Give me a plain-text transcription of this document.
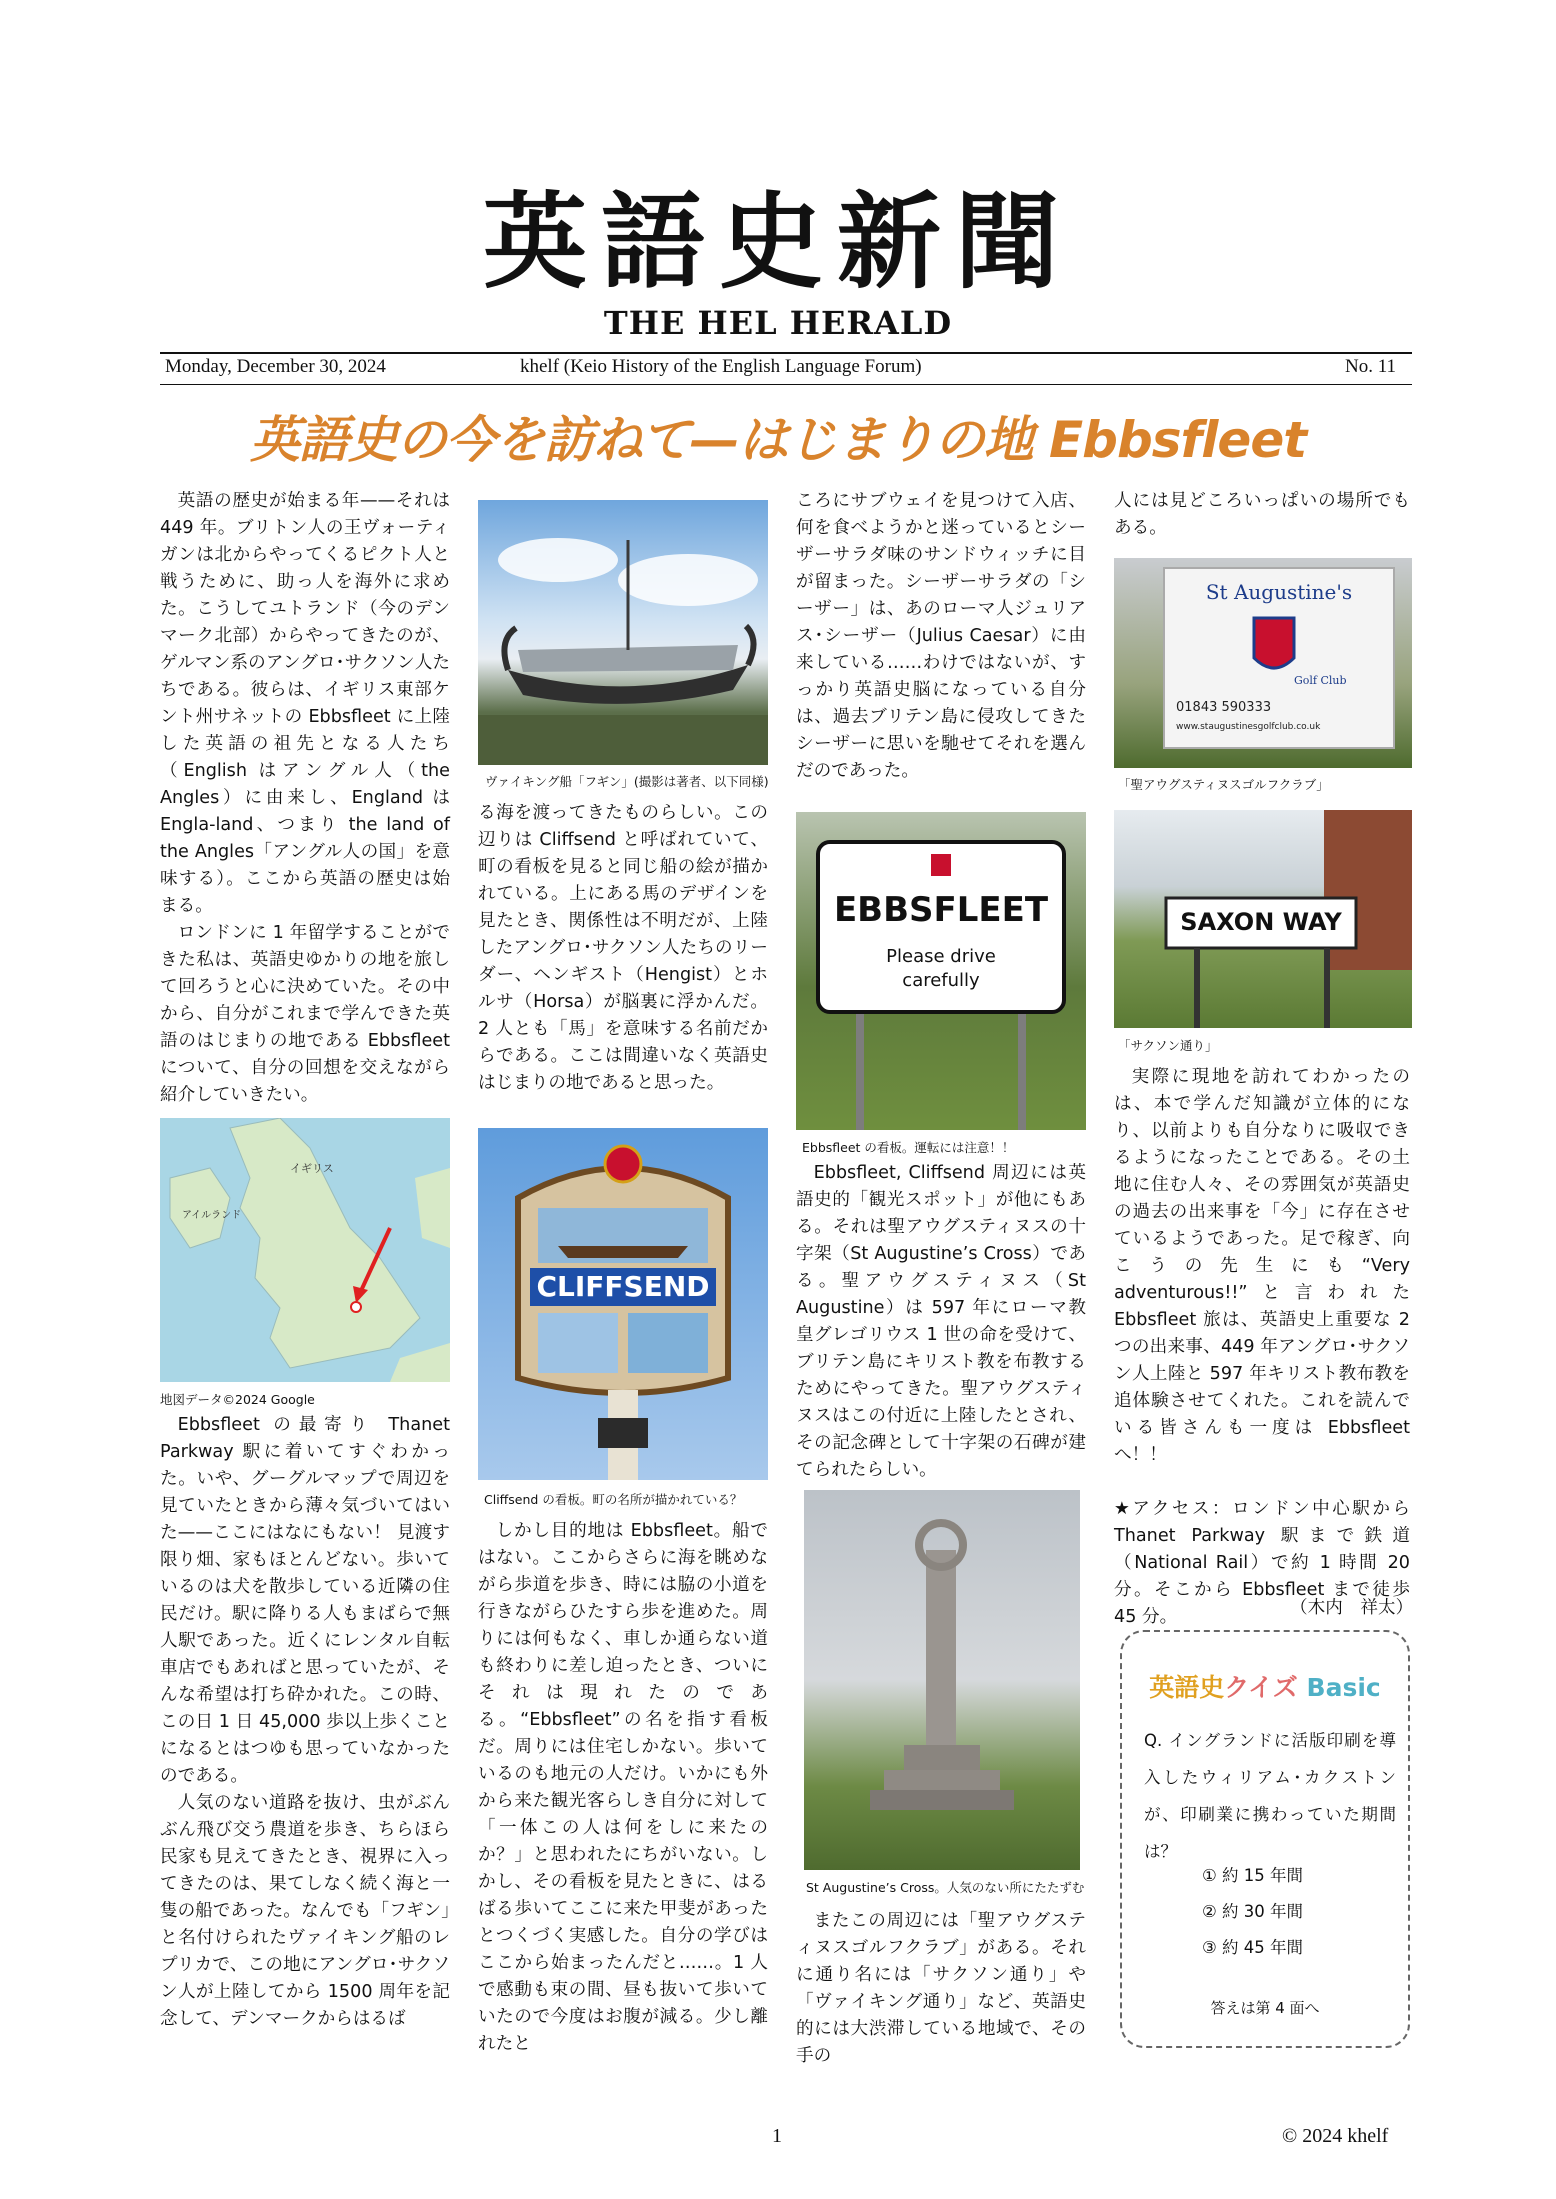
英語史新聞
THE HEL HERALD
Monday, December 30, 2024	khelf (Keio History of the English Language Forum)	No. 11
英語史の今を訪ねて—はじまりの地 Ebbsfleet

英語の歴史が始まる年——それは 449 年。ブリトン人の王ヴォーティガンは北からやってくるピクト人と戦うために、助っ人を海外に求めた。こうしてユトランド（今のデンマーク北部）からやってきたのが、ゲルマン系のアングロ･サクソン人たちである。彼らは、イギリス東部ケント州サネットの Ebbsfleet に上陸した英語の祖先となる人たち（English はアングル人（the Angles）に由来し、England は Engla-land、つまり the land of the Angles「アングル人の国」を意味する）。ここから英語の歴史は始まる。

ロンドンに 1 年留学することができた私は、英語史ゆかりの地を旅して回ろうと心に決めていた。その中から、自分がこれまで学んできた英語のはじまりの地である Ebbsfleet について、自分の回想を交えながら紹介していきたい。

アイルランド
イギリス
地図データ©2024 Google

Ebbsfleet の最寄り Thanet Parkway 駅に着いてすぐわかった。いや、グーグルマップで周辺を見ていたときから薄々気づいてはいた——ここにはなにもない！ 見渡す限り畑、家もほとんどない。歩いているのは犬を散歩している近隣の住民だけ。駅に降りる人もまばらで無人駅であった。近くにレンタル自転車店でもあればと思っていたが、そんな希望は打ち砕かれた。この時、この日 1 日 45,000 歩以上歩くことになるとはつゆも思っていなかったのである。

人気のない道路を抜け、虫がぶんぶん飛び交う農道を歩き、ちらほら民家も見えてきたとき、視界に入ってきたのは、果てしなく続く海と一隻の船であった。なんでも「フギン」と名付けられたヴァイキング船のレプリカで、この地にアングロ･サクソン人が上陸してから 1500 周年を記念して、デンマークからはるば

ヴァイキング船「フギン」(撮影は著者、以下同様)

る海を渡ってきたものらしい。この辺りは Cliffsend と呼ばれていて、町の看板を見ると同じ船の絵が描かれている。上にある馬のデザインを見たとき、関係性は不明だが、上陸したアングロ･サクソン人たちのリーダー、ヘンギスト（Hengist）とホルサ（Horsa）が脳裏に浮かんだ。2 人とも「馬」を意味する名前だからである。ここは間違いなく英語史はじまりの地であると思った。

CLIFFSEND
Cliffsend の看板。町の名所が描かれている？

しかし目的地は Ebbsfleet。船ではない。ここからさらに海を眺めながら歩道を歩き、時には脇の小道を行きながらひたすら歩を進めた。周りには何もなく、車しか通らない道も終わりに差し迫ったとき、ついにそれは現れたのである。“Ebbsfleet”の名を指す看板だ。周りには住宅しかない。歩いているのも地元の人だけ。いかにも外から来た観光客らしき自分に対して「一体この人は何をしに来たのか？」と思われたにちがいない。しかし、その看板を見たときに、はるばる歩いてここに来た甲斐があったとつくづく実感した。自分の学びはここから始まったんだと……。1 人で感動も束の間、昼も抜いて歩いていたので今度はお腹が減る。少し離れたと

ころにサブウェイを見つけて入店、何を食べようかと迷っているとシーザーサラダ味のサンドウィッチに目が留まった。シーザーサラダの「シーザー」は、あのローマ人ジュリアス･シーザー（Julius Caesar）に由来している……わけではないが、すっかり英語史脳になっている自分は、過去ブリテン島に侵攻してきたシーザーに思いを馳せてそれを選んだのであった。

EBBSFLEET
Please drive
carefully
Ebbsfleet の看板。運転には注意！！

Ebbsfleet, Cliffsend 周辺には英語史的「観光スポット」が他にもある。それは聖アウグスティヌスの十字架（St Augustine’s Cross）である。聖アウグスティヌス（St Augustine）は 597 年にローマ教皇グレゴリウス 1 世の命を受けて、ブリテン島にキリスト教を布教するためにやってきた。聖アウグスティヌスはこの付近に上陸したとされ、その記念碑として十字架の石碑が建てられたらしい。

St Augustine’s Cross。人気のない所にたたずむ

またこの周辺には「聖アウグスティヌスゴルフクラブ」がある。それに通り名には「サクソン通り」や「ヴァイキング通り」など、英語史的には大渋滞している地域で、その手の

人には見どころいっぱいの場所でもある。

St Augustine's
Golf Club
01843 590333
www.staugustinesgolfclub.co.uk
「聖アウグスティヌスゴルフクラブ」
SAXON WAY
「サクソン通り」

実際に現地を訪れてわかったのは、本で学んだ知識が立体的になり、以前よりも自分なりに吸収できるようになったことである。その土地に住む人々、その雰囲気が英語史の過去の出来事を「今」に存在させているようであった。足で稼ぎ、向こうの先生にも“Very adventurous!!”と言われた Ebbsfleet 旅は、英語史上重要な 2 つの出来事、449 年アングロ･サクソン人上陸と 597 年キリスト教布教を追体験させてくれた。これを読んでいる皆さんも一度は Ebbsfleet へ！！

★アクセス：ロンドン中心駅から Thanet Parkway 駅まで鉄道（National Rail）で約 1 時間 20 分。そこから Ebbsfleet まで徒歩 45 分。	（木内　祥太）
英語史クイズ Basic
Q. イングランドに活版印刷を導入したウィリアム･カクストンが、印刷業に携わっていた期間は？
① 約 15 年間
② 約 30 年間
③ 約 45 年間
答えは第 4 面へ
1	© 2024 khelf
